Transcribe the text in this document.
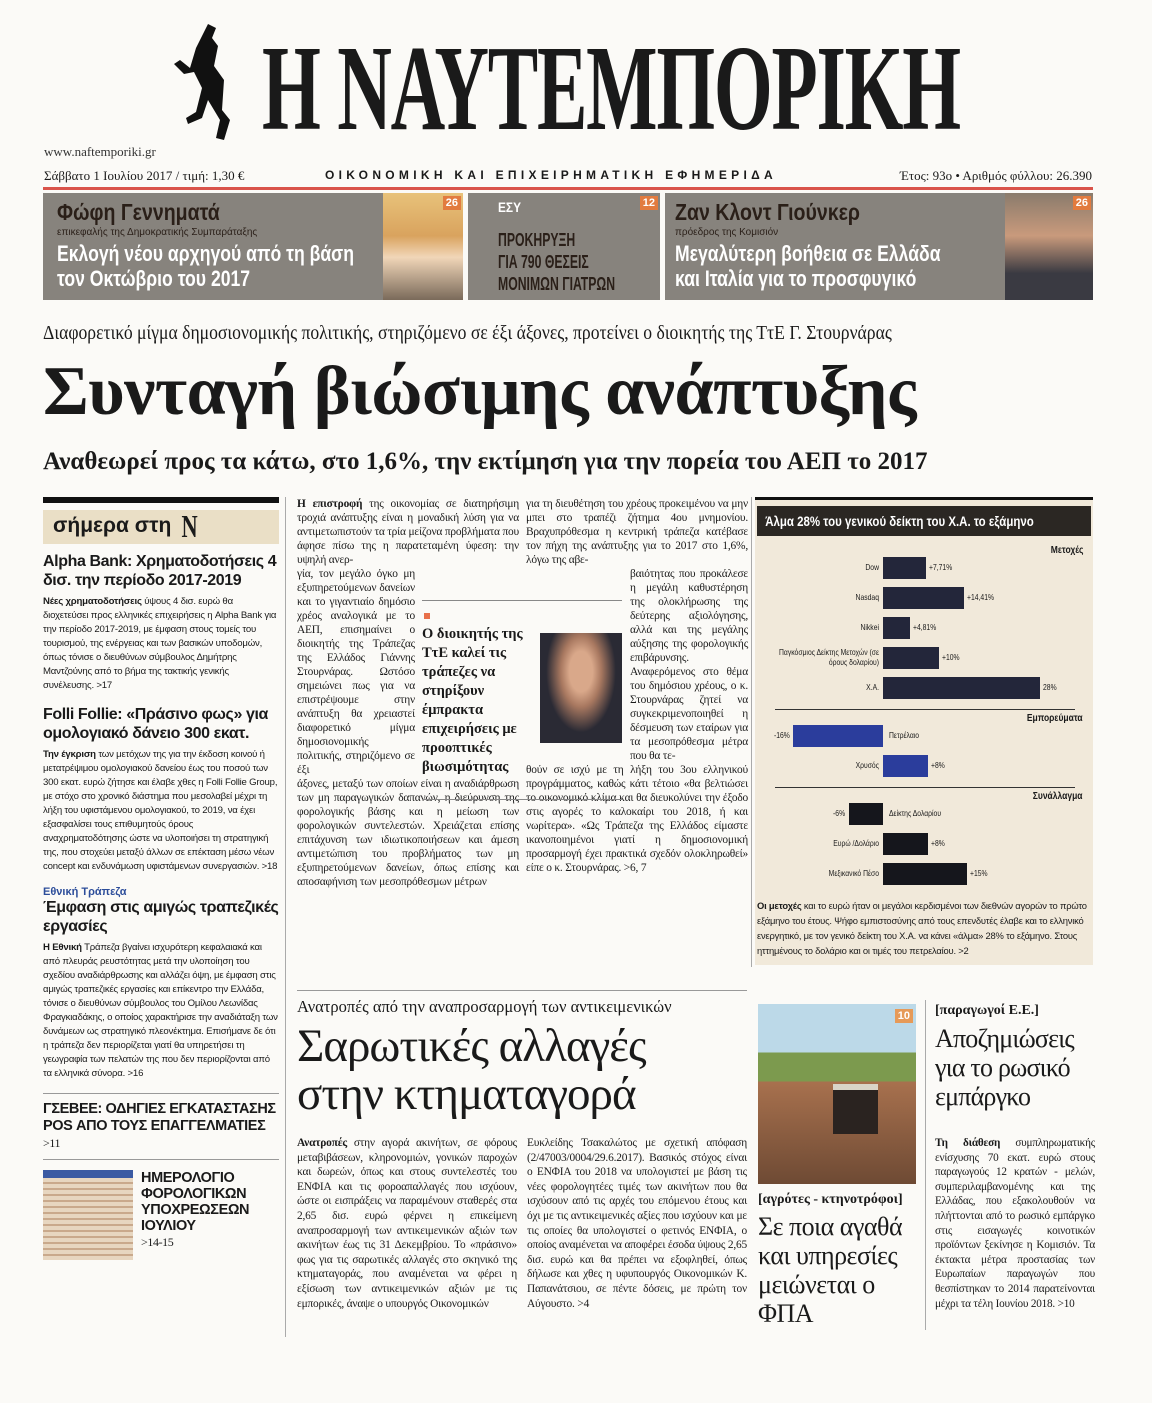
Η ΝΑΥΤΕΜΠΟΡΙΚΗ
www.naftemporiki.gr
Σάββατο 1 Ιουλίου 2017 / τιμή: 1,30 €	ΟΙΚΟΝΟΜΙΚΗ ΚΑΙ ΕΠΙΧΕΙΡΗΜΑΤΙΚΗ ΕΦΗΜΕΡΙΔΑ	Έτος: 93ο • Αριθμός φύλλου: 26.390
Φώφη Γεννηματά
επικεφαλής της Δημοκρατικής Συμπαράταξης
Εκλογή νέου αρχηγού από τη βάση
τον Οκτώβριο του 2017
26	ΕΣΥ
ΠΡΟΚΗΡΥΞΗ
ΓΙΑ 790 ΘΕΣΕΙΣ
ΜΟΝΙΜΩΝ ΓΙΑΤΡΩΝ
12 Ζαν Κλοντ Γιούνκερ
πρόεδρος της Κομισιόν
Μεγαλύτερη βοήθεια σε Ελλάδα
και Ιταλία για το προσφυγικό
26
Διαφορετικό μίγμα δημοσιονομικής πολιτικής, στηριζόμενο σε έξι άξονες, προτείνει ο διοικητής της ΤτΕ Γ. Στουρνάρας
Συνταγή βιώσιμης ανάπτυξης
Αναθεωρεί προς τα κάτω, στο 1,6%, την εκτίμηση για την πορεία του ΑΕΠ το 2017
Η επιστροφή της οικονομίας σε διατηρήσιμη τροχιά ανάπτυξης είναι η μοναδική λύση για να αντιμετωπιστούν τα τρία μείζονα προβλήματα που άφησε πίσω της η παρατεταμένη ύφεση: την υψηλή ανερ-
γία, τον μεγάλο όγκο μη εξυπηρετούμενων δανείων και το γιγαντιαίο δημόσιο χρέος αναλογικά με το ΑΕΠ, επισημαίνει ο διοικητής της Τράπεζας της Ελλάδος Γιάννης Στουρνάρας. Ωστόσο σημειώνει πως για να επιστρέψουμε στην ανάπτυξη θα χρειαστεί διαφορετικό μίγμα δημοσιονομικής πολιτικής, στηριζόμενο σε έξι
άξονες, μεταξύ των οποίων είναι η αναδιάρθρωση των μη παραγωγικών δαπανών, η διεύρυνση της φορολογικής βάσης και η μείωση των φορολογικών συντελεστών. Χρειάζεται επίσης επιτάχυνση των ιδιωτικοποιήσεων και άμεση αντιμετώπιση του προβλήματος των μη εξυπηρετούμενων δανείων, όπως επίσης και αποσαφήνιση των μεσοπρόθεσμων μέτρων
για τη διευθέτηση του χρέους προκειμένου να μην μπει στο τραπέζι ζήτημα 4ου μνημονίου. Βραχυπρόθεσμα η κεντρική τράπεζα κατέβασε τον πήχη της ανάπτυξης για το 2017 στο 1,6%, λόγω της αβε-
βαιότητας που προκάλεσε η μεγάλη καθυστέρηση της ολοκλήρωσης της δεύτερης αξιολόγησης, αλλά και της μεγάλης αύξησης της φορολογικής επιβάρυνσης. Αναφερόμενος στο θέμα του δημόσιου χρέους, ο κ. Στουρνάρας ζητεί να συγκεκριμενοποιηθεί η δέσμευση των εταίρων για τα μεσοπρόθεσμα μέτρα που θα τε-
θούν σε ισχύ με τη λήξη του 3ου ελληνικού προγράμματος, καθώς κάτι τέτοιο «θα βελτιώσει το οικονομικό κλίμα και θα διευκολύνει την έξοδο στις αγορές το καλοκαίρι του 2018, ή και νωρίτερα». «Ως Τράπεζα της Ελλάδος είμαστε ικανοποιημένοι γιατί η δημοσιονομική προσαρμογή έχει πρακτικά σχεδόν ολοκληρωθεί» είπε ο κ. Στουρνάρας. >6, 7
Ο διοικητής της ΤτΕ καλεί τις τράπεζες να στηρίξουν έμπρακτα επιχειρήσεις με προοπτικές βιωσιμότητας
σήμερα στη N
Alpha Bank: Χρηματοδοτήσεις 4 δισ. την περίοδο 2017-2019
Νέες χρηματοδοτήσεις ύψους 4 δισ. ευρώ θα διοχετεύσει προς ελληνικές επιχειρήσεις η Alpha Bank για την περίοδο 2017-2019, με έμφαση στους τομείς του τουρισμού, της ενέργειας και των βασικών υποδομών, όπως τόνισε ο διευθύνων σύμβουλος Δημήτρης Μαντζούνης από το βήμα της τακτικής γενικής συνέλευσης. >17
Folli Follie: «Πράσινο φως» για ομολογιακό δάνειο 300 εκατ.
Την έγκριση των μετόχων της για την έκδοση κοινού ή μετατρέψιμου ομολογιακού δανείου έως του ποσού των 300 εκατ. ευρώ ζήτησε και έλαβε χθες η Folli Follie Group, με στόχο στο χρονικό διάστημα που μεσολαβεί μέχρι τη λήξη του υφιστάμενου ομολογιακού, το 2019, να έχει εξασφαλίσει τους επιθυμητούς όρους αναχρηματοδότησης ώστε να υλοποιήσει τη στρατηγική της, που στοχεύει μεταξύ άλλων σε επέκταση μέσω νέων concept και ενδυνάμωση υφιστάμενων συνεργασιών. >18
Εθνική Τράπεζα
Έμφαση στις αμιγώς τραπεζικές εργασίες
Η Εθνική Τράπεζα βγαίνει ισχυρότερη κεφαλαιακά και από πλευράς ρευστότητας μετά την υλοποίηση του σχεδίου αναδιάρθρωσης και αλλάζει όψη, με έμφαση στις αμιγώς τραπεζικές εργασίες και επίκεντρο την Ελλάδα, τόνισε ο διευθύνων σύμβουλος του Ομίλου Λεωνίδας Φραγκιαδάκης, ο οποίος χαρακτήρισε την αναδιάταξη των δυνάμεων ως στρατηγικό πλεονέκτημα. Επισήμανε δε ότι η τράπεζα δεν περιορίζεται γιατί θα υπηρετήσει τη γεωγραφία των πελατών της που δεν περιορίζονται από τα ελληνικά σύνορα. >16
ΓΣΕΒΕΕ: ΟΔΗΓΙΕΣ ΕΓΚΑΤΑΣΤΑΣΗΣ POS ΑΠΟ ΤΟΥΣ ΕΠΑΓΓΕΛΜΑΤΙΕΣ >11
ΗΜΕΡΟΛΟΓΙΟ ΦΟΡΟΛΟΓΙΚΩΝ ΥΠΟΧΡΕΩΣΕΩΝ ΙΟΥΛΙΟΥ
>14-15
Άλμα 28% του γενικού δείκτη του Χ.Α. το εξάμηνο
Μετοχές
Dow	+7,71%
Nasdaq	+14,41%
Nikkei	+4,81%
Παγκόσμιος Δείκτης Μετοχών (σε όρους δολαρίου)	+10%
Χ.Α.	28%
Εμπορεύματα
Πετρέλαιο
-16%
Χρυσός	+8%
Συνάλλαγμα
Δείκτης Δολαρίου
-6%
Ευρώ /Δολάριο	+8%
Μεξικανικό Πέσο	+15%
Οι μετοχές και το ευρώ ήταν οι μεγάλοι κερδισμένοι των διεθνών αγορών το πρώτο εξάμηνο του έτους. Ψήφο εμπιστοσύνης από τους επενδυτές έλαβε και το ελληνικό ενεργητικό, με τον γενικό δείκτη του Χ.Α. να κάνει «άλμα» 28% το εξάμηνο. Στους ηττημένους το δολάριο και οι τιμές του πετρελαίου. >2
Ανατροπές από την αναπροσαρμογή των αντικειμενικών
Σαρωτικές αλλαγές
στην κτηματαγορά
Ανατροπές στην αγορά ακινήτων, σε φόρους μεταβιβάσεων, κληρονομιών, γονικών παροχών και δωρεών, όπως και στους συντελεστές του ΕΝΦΙΑ και τις φοροαπαλλαγές που ισχύουν, ώστε οι εισπράξεις να παραμένουν σταθερές στα 2,65 δισ. ευρώ φέρνει η επικείμενη αναπροσαρμογή των αντικειμενικών αξιών των ακινήτων έως τις 31 Δεκεμβρίου. Το «πράσινο» φως για τις σαρωτικές αλλαγές στο σκηνικό της κτηματαγοράς, που αναμένεται να φέρει η εξίσωση των αντικειμενικών αξιών με τις εμπορικές, άναψε ο υπουργός Οικονομικών
Ευκλείδης Τσακαλώτος με σχετική απόφαση (2/47003/0004/29.6.2017). Βασικός στόχος είναι ο ΕΝΦΙΑ του 2018 να υπολογιστεί με βάση τις νέες φορολογητέες τιμές των ακινήτων που θα ισχύσουν από τις αρχές του επόμενου έτους και όχι με τις αντικειμενικές αξίες που ισχύουν και με τις οποίες θα υπολογιστεί ο φετινός ΕΝΦΙΑ, ο οποίος αναμένεται να αποφέρει έσοδα ύψους 2,65 δισ. ευρώ και θα πρέπει να εξοφληθεί, όπως δήλωσε και χθες η υφυπουργός Οικονομικών Κ. Παπανάτσιου, σε πέντε δόσεις, με πρώτη τον Αύγουστο. >4
10
[αγρότες - κτηνοτρόφοι]
Σε ποια αγαθά και υπηρεσίες μειώνεται ο ΦΠΑ
[παραγωγοί Ε.Ε.]
Αποζημιώσεις για το ρωσικό εμπάργκο
Τη διάθεση συμπληρωματικής ενίσχυσης 70 εκατ. ευρώ στους παραγωγούς 12 κρατών - μελών, συμπεριλαμβανομένης και της Ελλάδας, που εξακολουθούν να πλήττονται από το ρωσικό εμπάργκο στις εισαγωγές κοινοτικών προϊόντων ξεκίνησε η Κομισιόν. Τα έκτακτα μέτρα προστασίας των Ευρωπαίων παραγωγών που θεσπίστηκαν το 2014 παρατείνονται μέχρι τα τέλη Ιουνίου 2018. >10
